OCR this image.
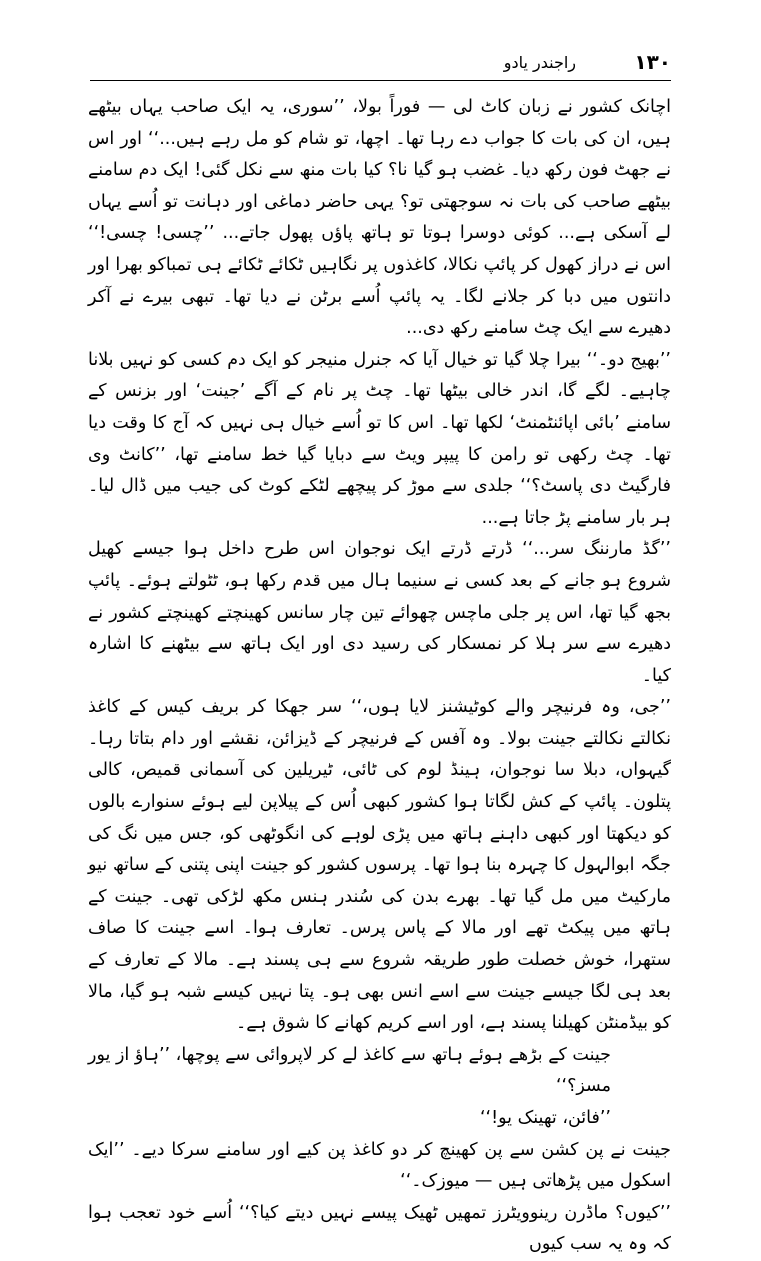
١٣٠
راجندر یادو

اچانک کشور نے زبان کاٹ لی — فوراً بولا، ’’سوری، یہ ایک صاحب یہاں بیٹھے ہیں، ان کی بات کا جواب دے رہا تھا۔ اچھا، تو شام کو مل رہے ہیں...‘‘ اور اس نے جھٹ فون رکھ دیا۔ غضب ہو گیا نا؟ کیا بات منھ سے نکل گئی! ایک دم سامنے بیٹھے صاحب کی بات نہ سوجھتی تو؟ یہی حاضر دماغی اور دہانت تو اُسے یہاں لے آسکی ہے... کوئی دوسرا ہوتا تو ہاتھ پاؤں پھول جاتے... ’’چسی! چسی!‘‘ اس نے دراز کھول کر پائپ نکالا، کاغذوں پر نگاہیں ٹکائے ٹکائے ہی تمباکو بھرا اور دانتوں میں دبا کر جلانے لگا۔ یہ پائپ اُسے برٹن نے دیا تھا۔ تبھی بیرے نے آکر دھیرے سے ایک چٹ سامنے رکھ دی...

’’بھیج دو۔‘‘ بیرا چلا گیا تو خیال آیا کہ جنرل منیجر کو ایک دم کسی کو نہیں بلانا چاہیے۔ لگے گا، اندر خالی بیٹھا تھا۔ چٹ پر نام کے آگے ’جینت‘ اور بزنس کے سامنے ’بائی اپائنٹمنٹ‘ لکھا تھا۔ اس کا تو اُسے خیال ہی نہیں کہ آج کا وقت دیا تھا۔ چٹ رکھی تو رامن کا پیپر ویٹ سے دبایا گیا خط سامنے تھا، ’’کانٹ وی فارگیٹ دی پاسٹ؟‘‘ جلدی سے موڑ کر پیچھے لٹکے کوٹ کی جیب میں ڈال لیا۔ ہر بار سامنے پڑ جاتا ہے...

’’گڈ مارننگ سر...‘‘ ڈرتے ڈرتے ایک نوجوان اس طرح داخل ہوا جیسے کھیل شروع ہو جانے کے بعد کسی نے سنیما ہال میں قدم رکھا ہو، ٹٹولتے ہوئے۔ پائپ بجھ گیا تھا، اس پر جلی ماچس چھوائے تین چار سانس کھینچتے کھینچتے کشور نے دھیرے سے سر ہلا کر نمسکار کی رسید دی اور ایک ہاتھ سے بیٹھنے کا اشارہ کیا۔

’’جی، وہ فرنیچر والے کوٹیشنز لایا ہوں،‘‘ سر جھکا کر بریف کیس کے کاغذ نکالتے نکالتے جینت بولا۔ وہ آفس کے فرنیچر کے ڈیزائن، نقشے اور دام بتاتا رہا۔ گیہواں، دبلا سا نوجوان، ہینڈ لوم کی ٹائی، ٹیریلین کی آسمانی قمیص، کالی پتلون۔ پائپ کے کش لگاتا ہوا کشور کبھی اُس کے پیلاپن لیے ہوئے سنوارے بالوں کو دیکھتا اور کبھی داہنے ہاتھ میں پڑی لوہے کی انگوٹھی کو، جس میں نگ کی جگہ ابوالہول کا چہرہ بنا ہوا تھا۔ پرسوں کشور کو جینت اپنی پتنی کے ساتھ نیو مارکیٹ میں مل گیا تھا۔ بھرے بدن کی سُندر ہنس مکھ لڑکی تھی۔ جینت کے ہاتھ میں پیکٹ تھے اور مالا کے پاس پرس۔ تعارف ہوا۔ اسے جینت کا صاف ستھرا، خوش خصلت طور طریقہ شروع سے ہی پسند ہے۔ مالا کے تعارف کے بعد ہی لگا جیسے جینت سے اسے انس بھی ہو۔ پتا نہیں کیسے شبہ ہو گیا، مالا کو بیڈمنٹن کھیلنا پسند ہے، اور اسے کریم کھانے کا شوق ہے۔

جینت کے بڑھے ہوئے ہاتھ سے کاغذ لے کر لاپروائی سے پوچھا، ’’ہاؤ از یور مسز؟‘‘

’’فائن، تھینک یو!‘‘

جینت نے پن کشن سے پن کھینچ کر دو کاغذ پن کیے اور سامنے سرکا دیے۔ ’’ایک اسکول میں پڑھاتی ہیں — میوزک۔‘‘

’’کیوں؟ ماڈرن رینوویٹرز تمھیں ٹھیک پیسے نہیں دیتے کیا؟‘‘ اُسے خود تعجب ہوا کہ وہ یہ سب کیوں
